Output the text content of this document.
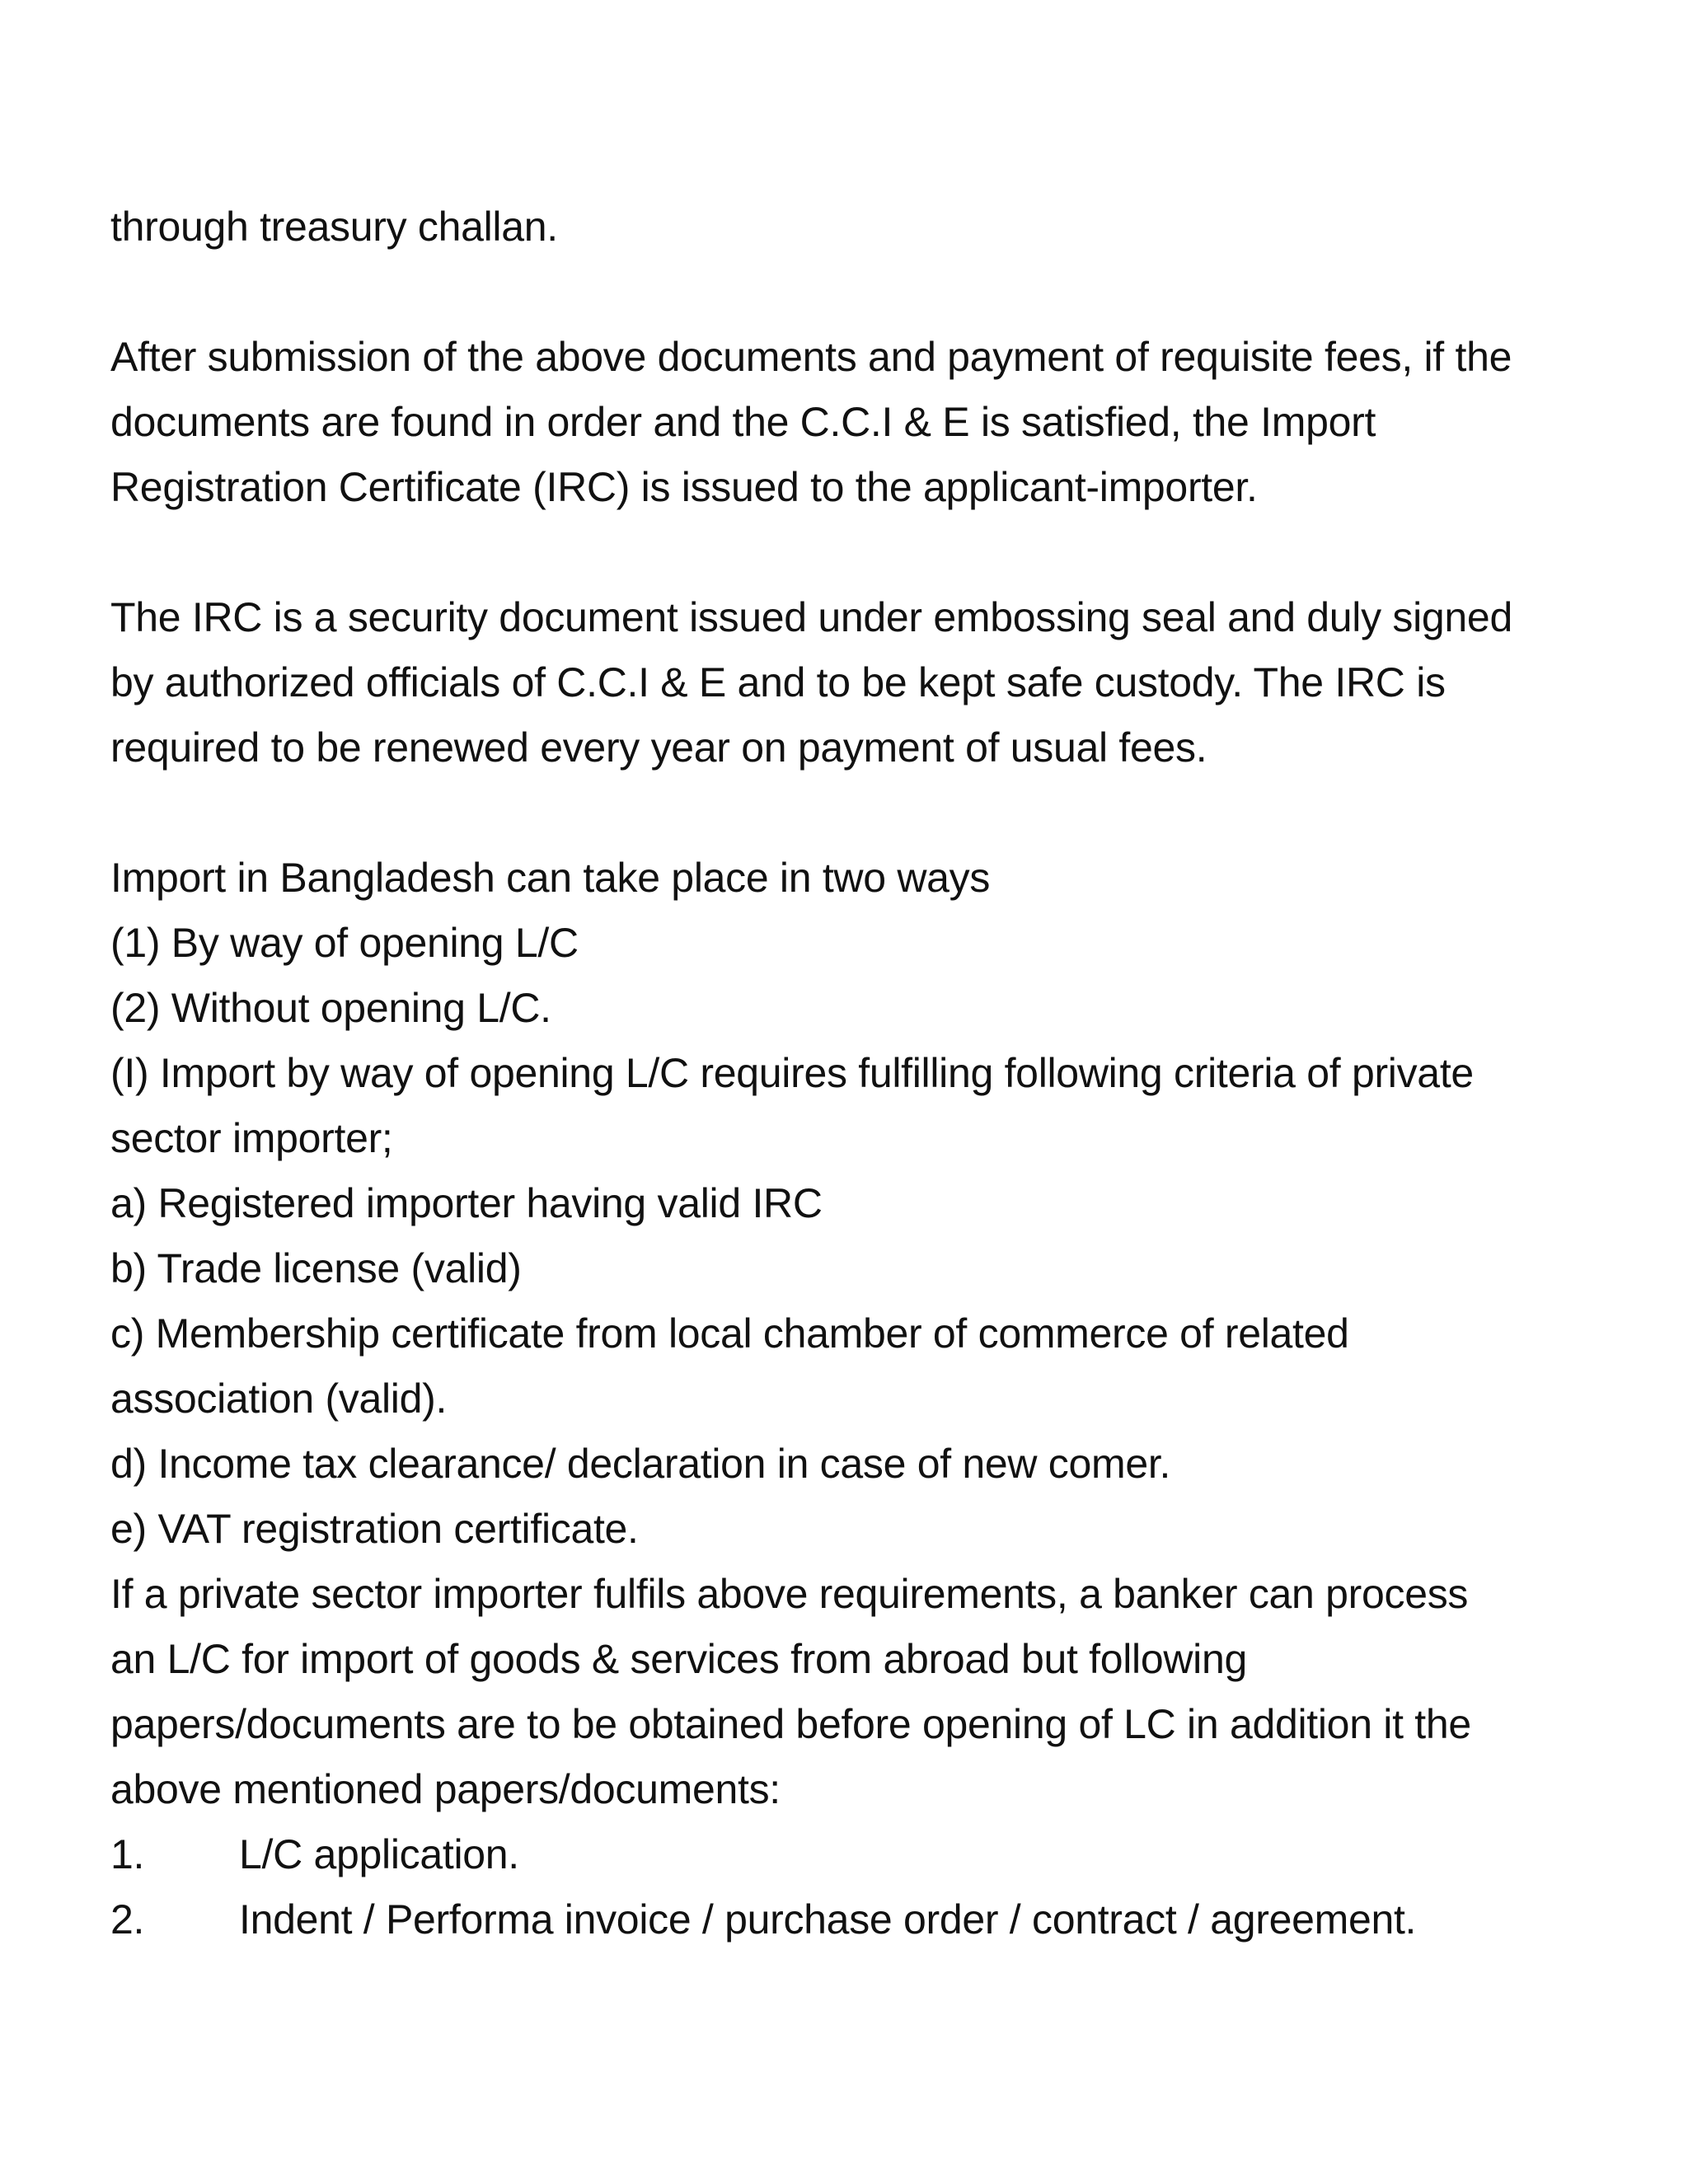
through treasury challan.
After submission of the above documents and payment of requisite fees, if the
documents are found in order and the C.C.I & E is satisfied, the Import
Registration Certificate (IRC) is issued to the applicant-importer.
The IRC is a security document issued under embossing seal and duly signed
by authorized officials of C.C.I & E and to be kept safe custody. The IRC is
required to be renewed every year on payment of usual fees.
Import in Bangladesh can take place in two ways
(1) By way of opening L/C
(2) Without opening L/C.
(I) Import by way of opening L/C requires fulfilling following criteria of private
sector importer;
a) Registered importer having valid IRC
b) Trade license (valid)
c) Membership certificate from local chamber of commerce of related
association (valid).
d) Income tax clearance/ declaration in case of new comer.
e) VAT registration certificate.
If a private sector importer fulfils above requirements, a banker can process
an L/C for import of goods & services from abroad but following
papers/documents are to be obtained before opening of LC in addition it the
above mentioned papers/documents:
1.	L/C application.
2.	Indent / Performa invoice / purchase order / contract / agreement.
